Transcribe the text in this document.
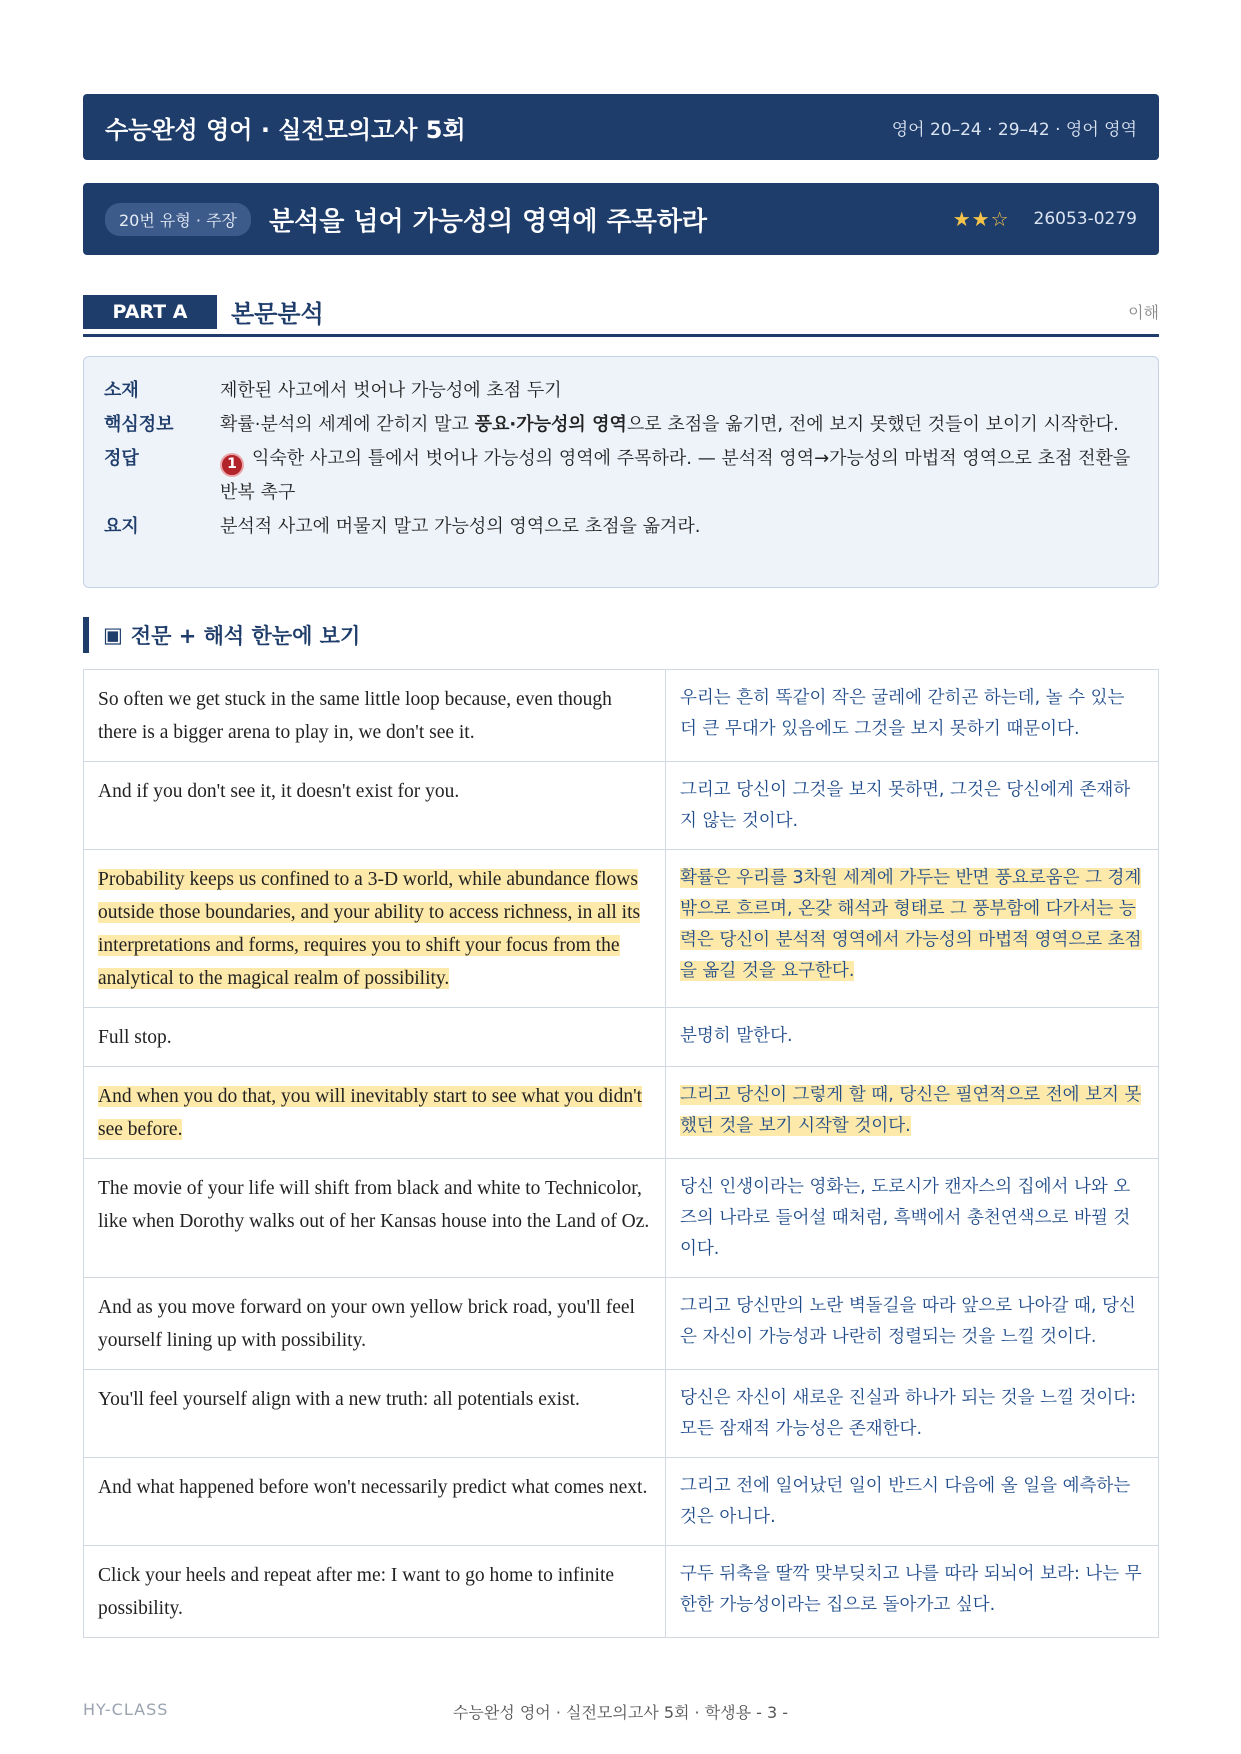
수능완성 영어 · 실전모의고사 5회	영어 20–24 · 29–42 · 영어 영역
20번 유형 · 주장	분석을 넘어 가능성의 영역에 주목하라	★★☆ 26053-0279
PART A	본문분석	이해
소재	제한된 사고에서 벗어나 가능성에 초점 두기
핵심정보	확률·분석의 세계에 갇히지 말고 풍요·가능성의 영역으로 초점을 옮기면, 전에 보지 못했던 것들이 보이기 시작한다.
정답	1 익숙한 사고의 틀에서 벗어나 가능성의 영역에 주목하라. — 분석적 영역→가능성의 마법적 영역으로 초점 전환을 반복 촉구
요지	분석적 사고에 머물지 말고 가능성의 영역으로 초점을 옮겨라.
▣ 전문 + 해석 한눈에 보기
So often we get stuck in the same little loop because, even though there is a bigger arena to play in, we don't see it.	우리는 흔히 똑같이 작은 굴레에 갇히곤 하는데, 놀 수 있는 더 큰 무대가 있음에도 그것을 보지 못하기 때문이다.
And if you don't see it, it doesn't exist for you.	그리고 당신이 그것을 보지 못하면, 그것은 당신에게 존재하지 않는 것이다.
Probability keeps us confined to a 3-D world, while abundance flows outside those boundaries, and your ability to access richness, in all its interpretations and forms, requires you to shift your focus from the analytical to the magical realm of possibility.	확률은 우리를 3차원 세계에 가두는 반면 풍요로움은 그 경계 밖으로 흐르며, 온갖 해석과 형태로 그 풍부함에 다가서는 능력은 당신이 분석적 영역에서 가능성의 마법적 영역으로 초점을 옮길 것을 요구한다.
Full stop.	분명히 말한다.
And when you do that, you will inevitably start to see what you didn't see before.	그리고 당신이 그렇게 할 때, 당신은 필연적으로 전에 보지 못했던 것을 보기 시작할 것이다.
The movie of your life will shift from black and white to Technicolor, like when Dorothy walks out of her Kansas house into the Land of Oz.	당신 인생이라는 영화는, 도로시가 캔자스의 집에서 나와 오즈의 나라로 들어설 때처럼, 흑백에서 총천연색으로 바뀔 것이다.
And as you move forward on your own yellow brick road, you'll feel yourself lining up with possibility.	그리고 당신만의 노란 벽돌길을 따라 앞으로 나아갈 때, 당신은 자신이 가능성과 나란히 정렬되는 것을 느낄 것이다.
You'll feel yourself align with a new truth: all potentials exist.	당신은 자신이 새로운 진실과 하나가 되는 것을 느낄 것이다: 모든 잠재적 가능성은 존재한다.
And what happened before won't necessarily predict what comes next.	그리고 전에 일어났던 일이 반드시 다음에 올 일을 예측하는 것은 아니다.
Click your heels and repeat after me: I want to go home to infinite possibility.	구두 뒤축을 딸깍 맞부딪치고 나를 따라 되뇌어 보라: 나는 무한한 가능성이라는 집으로 돌아가고 싶다.
HY-CLASS	수능완성 영어 · 실전모의고사 5회 · 학생용 - 3 -
